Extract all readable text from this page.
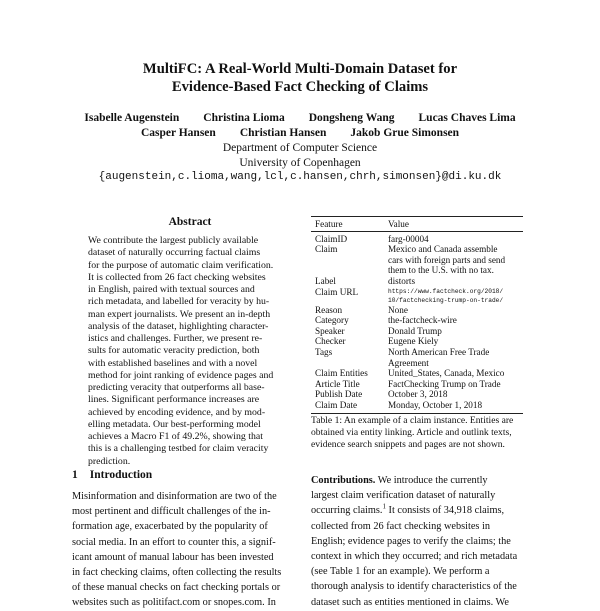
MultiFC: A Real-World Multi-Domain Dataset for
Evidence-Based Fact Checking of Claims
Isabelle Augenstein Christina Lioma Dongsheng Wang Lucas Chaves Lima
Casper Hansen Christian Hansen Jakob Grue Simonsen
Department of Computer Science
University of Copenhagen
{augenstein,c.lioma,wang,lcl,c.hansen,chrh,simonsen}@di.ku.dk
Abstract

We contribute the largest publicly available

dataset of naturally occurring factual claims

for the purpose of automatic claim verification.

It is collected from 26 fact checking websites

in English, paired with textual sources and

rich metadata, and labelled for veracity by hu-

man expert journalists. We present an in-depth

analysis of the dataset, highlighting character-

istics and challenges. Further, we present re-

sults for automatic veracity prediction, both

with established baselines and with a novel

method for joint ranking of evidence pages and

predicting veracity that outperforms all base-

lines. Significant performance increases are

achieved by encoding evidence, and by mod-

elling metadata. Our best-performing model

achieves a Macro F1 of 49.2%, showing that

this is a challenging testbed for claim veracity

prediction.

1 Introduction

Misinformation and disinformation are two of the

most pertinent and difficult challenges of the in-

formation age, exacerbated by the popularity of

social media. In an effort to counter this, a signif-

icant amount of manual labour has been invested

in fact checking claims, often collecting the results

of these manual checks on fact checking portals or

websites such as politifact.com or snopes.com. In

Feature	Value
ClaimID	farg-00004

Claim	Mexico and Canada assemble
cars with foreign parts and send
them to the U.S. with no tax.

Label	distorts

Claim URL	https://www.factcheck.org/2018/
10/factchecking-trump-on-trade/

Reason	None

Category	the-factcheck-wire

Speaker	Donald Trump

Checker	Eugene Kiely

Tags	North American Free Trade
Agreement

Claim Entities	United_States, Canada, Mexico

Article Title	FactChecking Trump on Trade

Publish Date	October 3, 2018

Claim Date	Monday, October 1, 2018
Table 1: An example of a claim instance. Entities are
obtained via entity linking. Article and outlink texts,
evidence search snippets and pages are not shown.
Contributions. We introduce the currently
largest claim verification dataset of naturally
occurring claims.$^1$ It consists of 34,918 claims,
collected from 26 fact checking websites in
English; evidence pages to verify the claims; the
context in which they occurred; and rich metadata
(see Table 1 for an example). We perform a
thorough analysis to identify characteristics of the
dataset such as entities mentioned in claims. We
